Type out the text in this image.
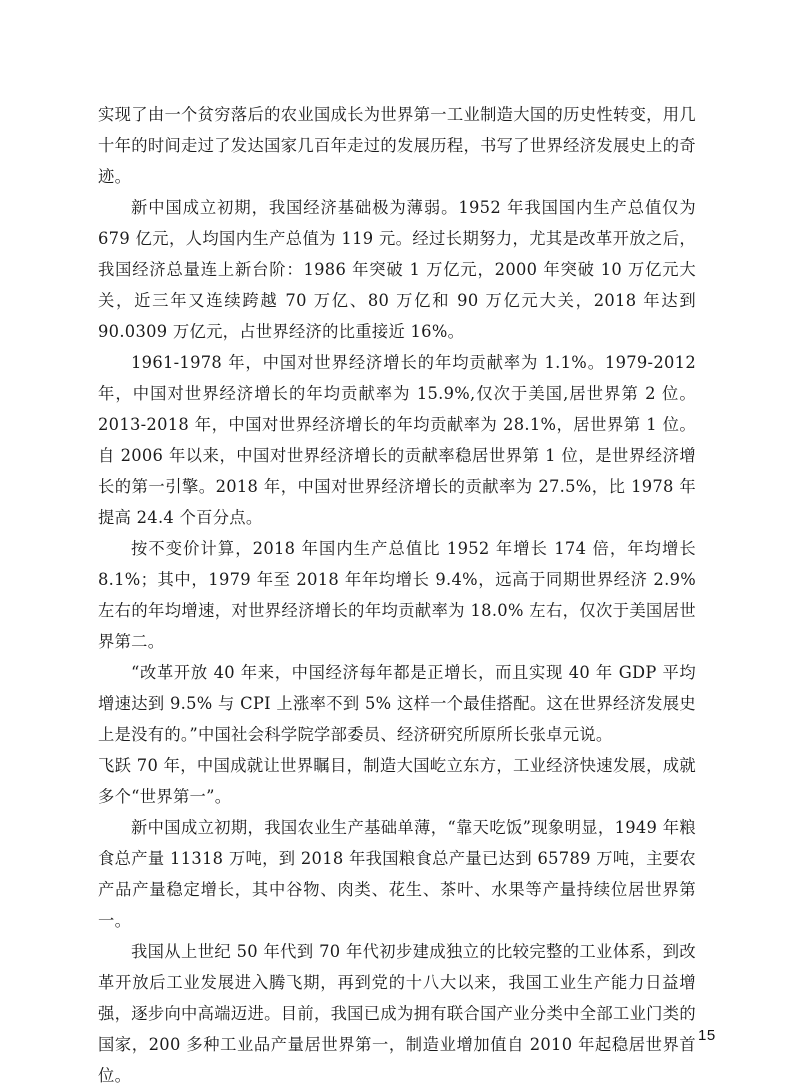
实现了由一个贫穷落后的农业国成长为世界第一工业制造大国的历史性转变，用几十年的时间走过了发达国家几百年走过的发展历程，书写了世界经济发展史上的奇迹。

新中国成立初期，我国经济基础极为薄弱。1952 年我国国内生产总值仅为679 亿元，人均国内生产总值为 119 元。经过长期努力，尤其是改革开放之后，我国经济总量连上新台阶：1986 年突破 1 万亿元，2000 年突破 10 万亿元大关，近三年又连续跨越 70 万亿、80 万亿和 90 万亿元大关，2018 年达到 90.0309 万亿元，占世界经济的比重接近 16%。

1961-1978 年，中国对世界经济增长的年均贡献率为 1.1%。1979-2012 年，中国对世界经济增长的年均贡献率为 15.9%,仅次于美国,居世界第 2 位。2013-2018 年，中国对世界经济增长的年均贡献率为 28.1%，居世界第 1 位。自 2006 年以来，中国对世界经济增长的贡献率稳居世界第 1 位，是世界经济增长的第一引擎。2018 年，中国对世界经济增长的贡献率为 27.5%，比 1978 年提高 24.4 个百分点。

按不变价计算，2018 年国内生产总值比 1952 年增长 174 倍，年均增长 8.1%；其中，1979 年至 2018 年年均增长 9.4%，远高于同期世界经济 2.9% 左右的年均增速，对世界经济增长的年均贡献率为 18.0% 左右，仅次于美国居世界第二。

“改革开放 40 年来，中国经济每年都是正增长，而且实现 40 年 GDP 平均增速达到 9.5% 与 CPI 上涨率不到 5% 这样一个最佳搭配。这在世界经济发展史上是没有的。”中国社会科学院学部委员、经济研究所原所长张卓元说。

飞跃 70 年，中国成就让世界瞩目，制造大国屹立东方，工业经济快速发展，成就多个“世界第一”。

新中国成立初期，我国农业生产基础单薄，“靠天吃饭”现象明显，1949 年粮食总产量 11318 万吨，到 2018 年我国粮食总产量已达到 65789 万吨，主要农产品产量稳定增长，其中谷物、肉类、花生、茶叶、水果等产量持续位居世界第一。

我国从上世纪 50 年代到 70 年代初步建成独立的比较完整的工业体系，到改革开放后工业发展进入腾飞期，再到党的十八大以来，我国工业生产能力日益增强，逐步向中高端迈进。目前，我国已成为拥有联合国产业分类中全部工业门类的国家，200 多种工业品产量居世界第一，制造业增加值自 2010 年起稳居世界首位。

15
